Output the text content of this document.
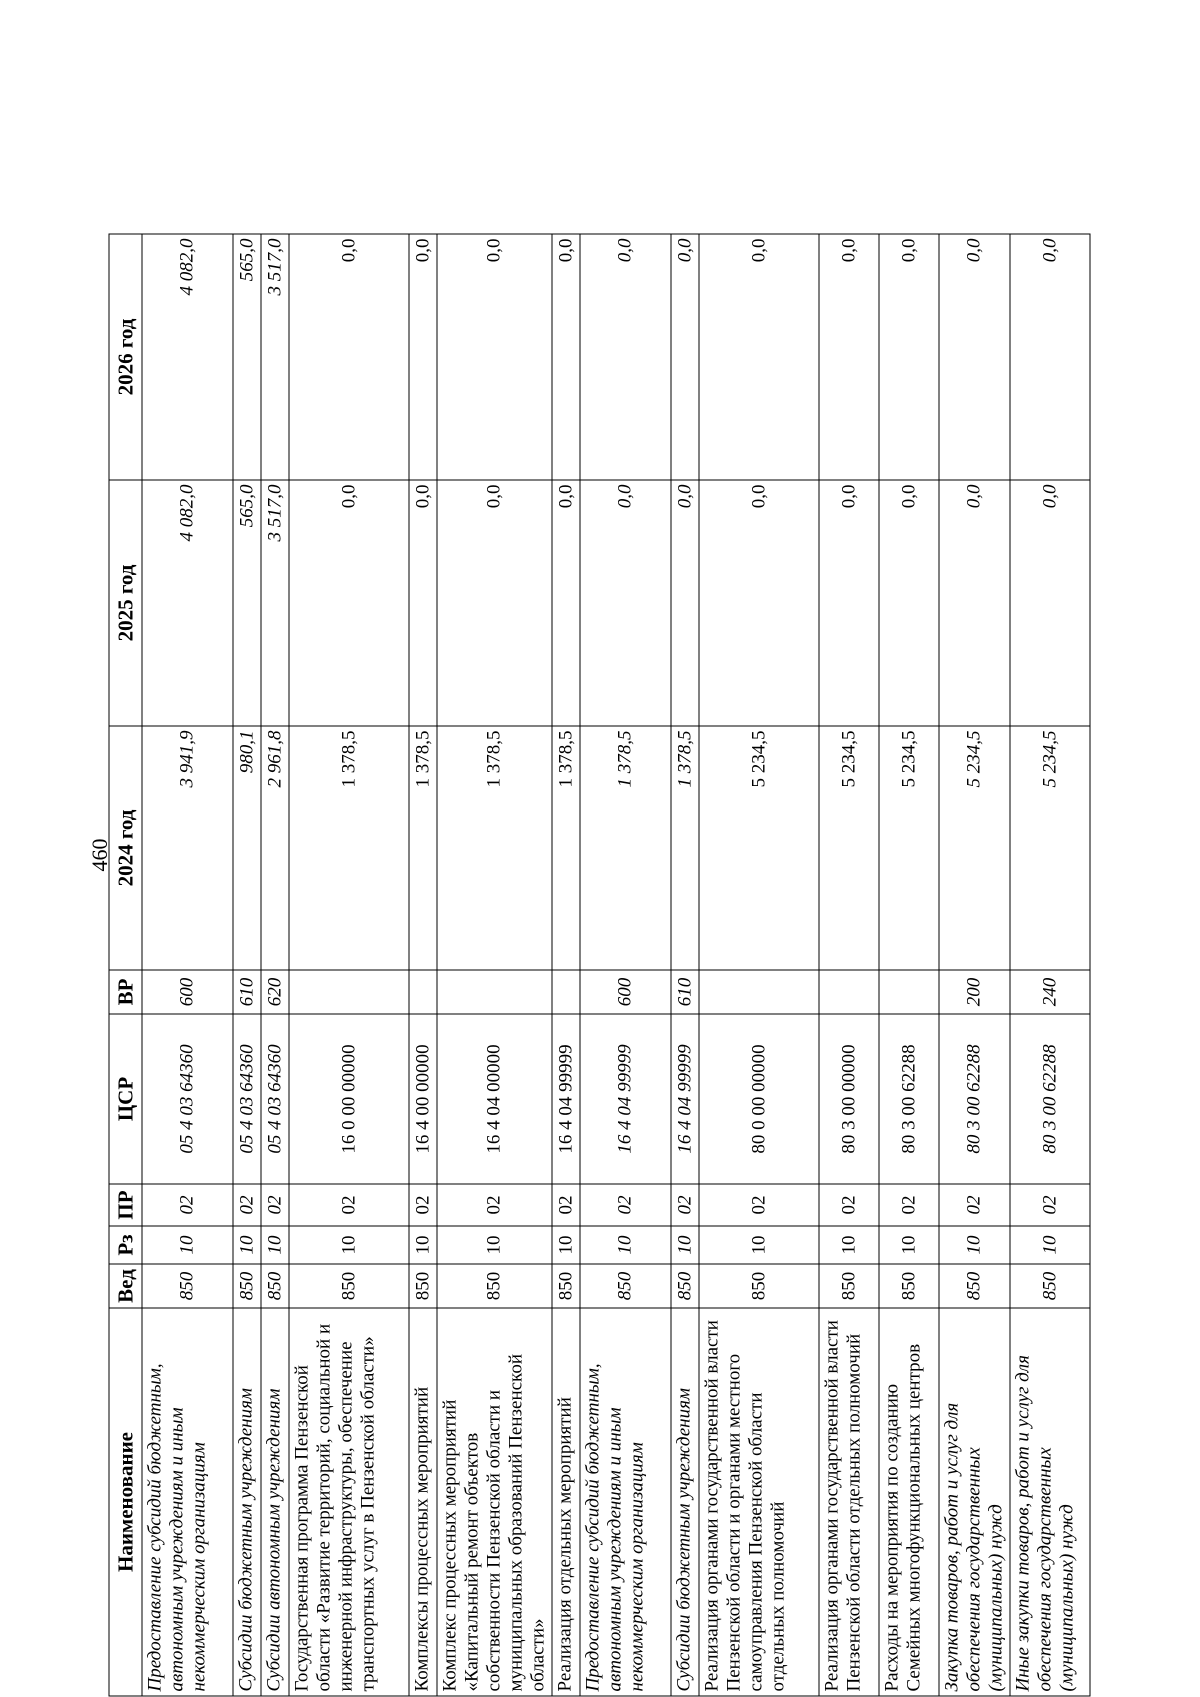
460
Наименование	Вед	Рз	ПР	ЦСР	ВР	2024 год	2025 год	2026 год
Предоставление субсидий бюджетным, автономным учреждениям и иным некоммерческим организациям	850	10	02	05 4 03 64360	600	3 941,9	4 082,0	4 082,0
Субсидии бюджетным учреждениям	850	10	02	05 4 03 64360	610	980,1	565,0	565,0
Субсидии автономным учреждениям	850	10	02	05 4 03 64360	620	2 961,8	3 517,0	3 517,0
Государственная программа Пензенской области «Развитие территорий, социальной и инженерной инфраструктуры, обеспечение транспортных услуг в Пензенской области»	850	10	02	16 0 00 00000		1 378,5	0,0	0,0
Комплексы процессных мероприятий	850	10	02	16 4 00 00000		1 378,5	0,0	0,0
Комплекс процессных мероприятий «Капитальный ремонт объектов собственности Пензенской области и муниципальных образований Пензенской области»	850	10	02	16 4 04 00000		1 378,5	0,0	0,0
Реализация отдельных мероприятий	850	10	02	16 4 04 99999		1 378,5	0,0	0,0
Предоставление субсидий бюджетным, автономным учреждениям и иным некоммерческим организациям	850	10	02	16 4 04 99999	600	1 378,5	0,0	0,0
Субсидии бюджетным учреждениям	850	10	02	16 4 04 99999	610	1 378,5	0,0	0,0
Реализация органами государственной власти Пензенской области и органами местного самоуправления Пензенской области отдельных полномочий	850	10	02	80 0 00 00000		5 234,5	0,0	0,0
Реализация органами государственной власти Пензенской области отдельных полномочий	850	10	02	80 3 00 00000		5 234,5	0,0	0,0
Расходы на мероприятия по созданию Семейных многофункциональных центров	850	10	02	80 3 00 62288		5 234,5	0,0	0,0
Закупка товаров, работ и услуг для обеспечения государственных (муниципальных) нужд	850	10	02	80 3 00 62288	200	5 234,5	0,0	0,0
Иные закупки товаров, работ и услуг для обеспечения государственных (муниципальных) нужд	850	10	02	80 3 00 62288	240	5 234,5	0,0	0,0
